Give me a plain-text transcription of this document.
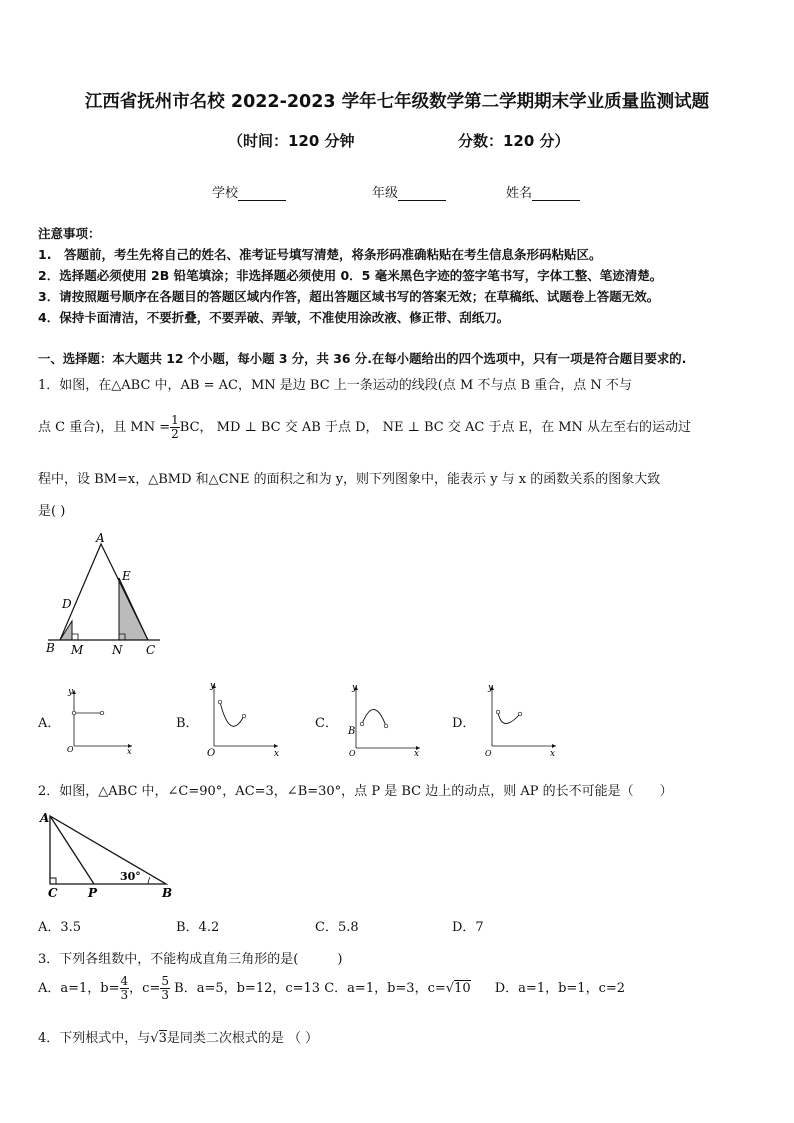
江西省抚州市名校 2022-2023 学年七年级数学第二学期期末学业质量监测试题
（时间：120 分钟	分数：120 分）
学校	年级	姓名
注意事项：
1.　答题前，考生先将自己的姓名、准考证号填写清楚，将条形码准确粘贴在考生信息条形码粘贴区。
2．选择题必须使用 2B 铅笔填涂；非选择题必须使用 0．5 毫米黑色字迹的签字笔书写，字体工整、笔迹清楚。
3．请按照题号顺序在各题目的答题区域内作答，超出答题区域书写的答案无效；在草稿纸、试题卷上答题无效。
4．保持卡面清洁，不要折叠，不要弄破、弄皱，不准使用涂改液、修正带、刮纸刀。
一、选择题：本大题共 12 个小题，每小题 3 分，共 36 分.在每小题给出的四个选项中，只有一项是符合题目要求的.
1．如图，在△ABC 中，AB = AC，MN 是边 BC 上一条运动的线段(点 M 不与点 B 重合，点 N 不与
点 C 重合)，且 MN = $\frac{1}{2}$ BC， MD ⊥ BC 交 AB 于点 D， NE ⊥ BC 交 AC 于点 E，在 MN 从左至右的运动过
程中，设 BM=x，△BMD 和△CNE 的面积之和为 y，则下列图象中，能表示 y 与 x 的函数关系的图象大致
是( )
A
B	C
D
E
M N
A．
y
O	x
B．
y
O	x
C．
y
B
O	x
D．
y
O	x
2．如图，△ABC 中，∠C=90°，AC=3，∠B=30°，点 P 是 BC 边上的动点，则 AP 的长不可能是（　　）
A
C	P	B
30°
A．3.5	B．4.2	C．5.8	D．7
3．下列各组数中，不能构成直角三角形的是(　　　)
A．a=1，$b= \frac{4}{3}$ ，$c= \frac{5}{3}$ B．a=5，b=12，c=13 C．a=1，b=3，c=√10 D．a=1，b=1，c=2
4．下列根式中，与√3是同类二次根式的是 （ ）
